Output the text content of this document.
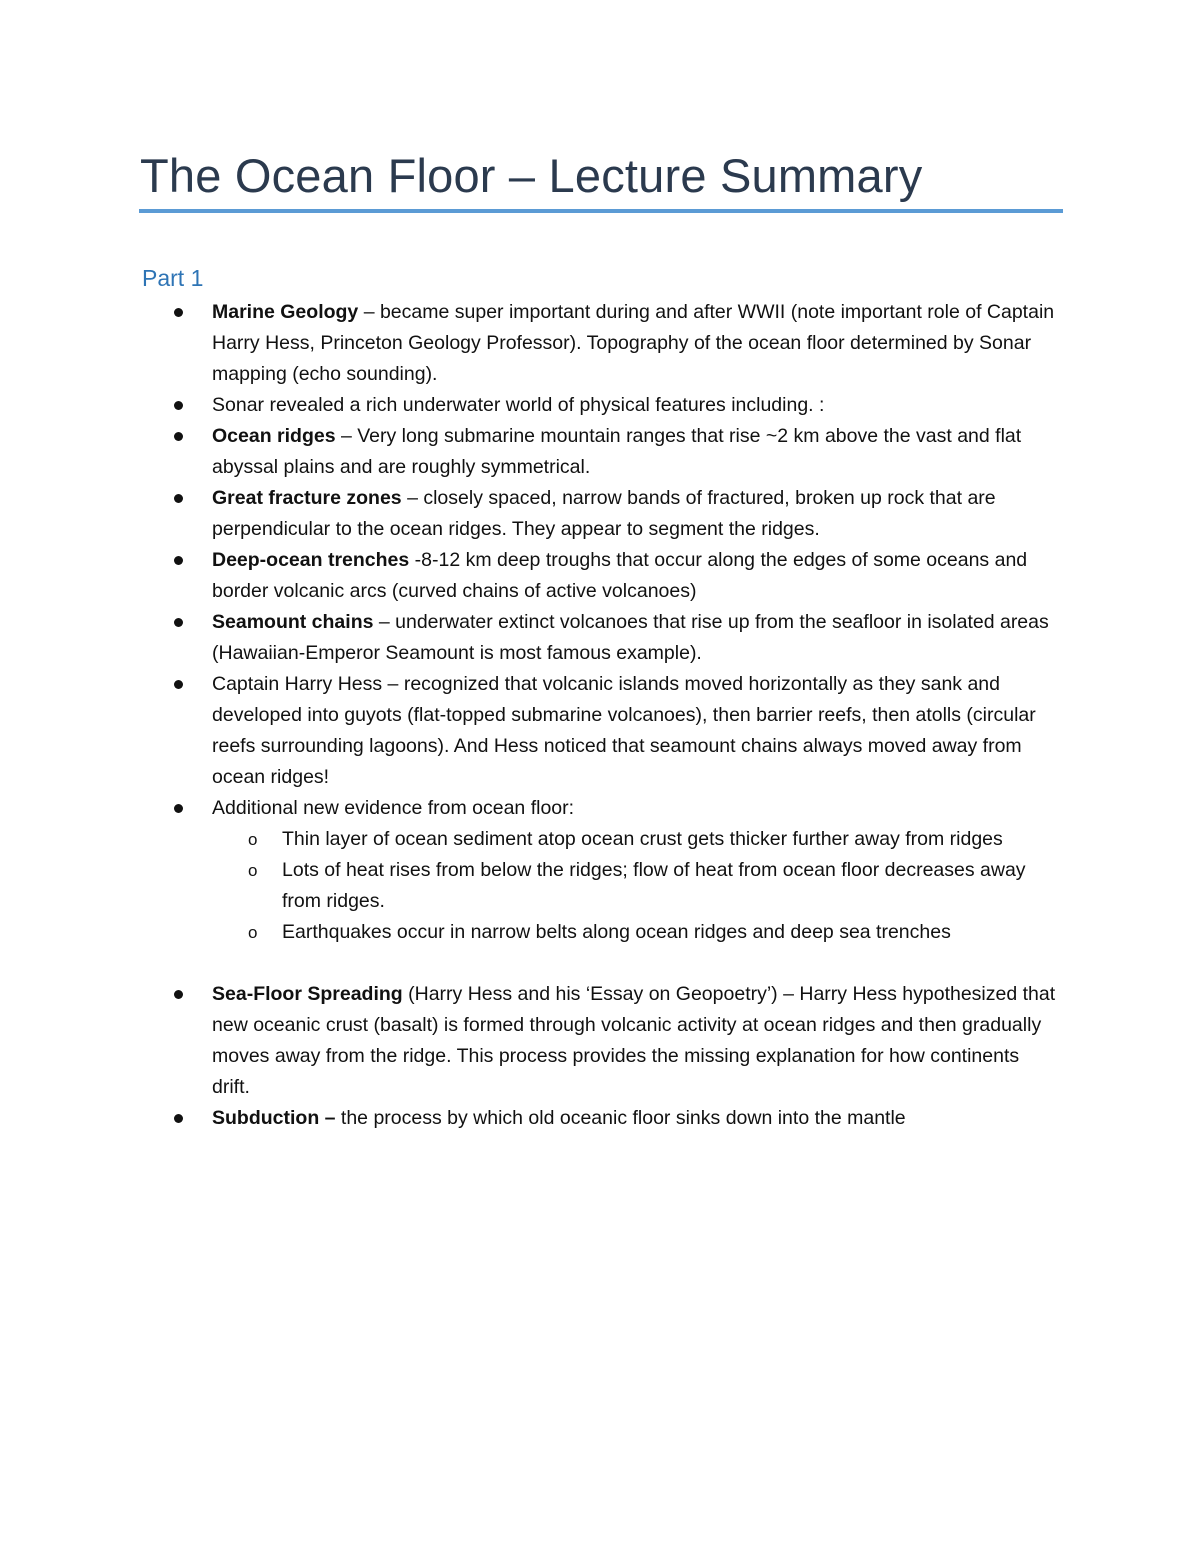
The Ocean Floor – Lecture Summary
Part 1
Marine Geology – became super important during and after WWII (note important role of Captain Harry Hess, Princeton Geology Professor). Topography of the ocean floor determined by Sonar mapping (echo sounding).
Sonar revealed a rich underwater world of physical features including. :
Ocean ridges – Very long submarine mountain ranges that rise ~2 km above the vast and flat abyssal plains and are roughly symmetrical.
Great fracture zones – closely spaced, narrow bands of fractured, broken up rock that are perpendicular to the ocean ridges. They appear to segment the ridges.
Deep-ocean trenches -8-12 km deep troughs that occur along the edges of some oceans and border volcanic arcs (curved chains of active volcanoes)
Seamount chains – underwater extinct volcanoes that rise up from the seafloor in isolated areas (Hawaiian-Emperor Seamount is most famous example).
Captain Harry Hess – recognized that volcanic islands moved horizontally as they sank and developed into guyots (flat-topped submarine volcanoes), then barrier reefs, then atolls (circular reefs surrounding lagoons). And Hess noticed that seamount chains always moved away from ocean ridges!
Additional new evidence from ocean floor:
o Thin layer of ocean sediment atop ocean crust gets thicker further away from ridges
o Lots of heat rises from below the ridges; flow of heat from ocean floor decreases away from ridges.
o Earthquakes occur in narrow belts along ocean ridges and deep sea trenches
Sea-Floor Spreading (Harry Hess and his ‘Essay on Geopoetry’) – Harry Hess hypothesized that new oceanic crust (basalt) is formed through volcanic activity at ocean ridges and then gradually moves away from the ridge. This process provides the missing explanation for how continents drift.
Subduction – the process by which old oceanic floor sinks down into the mantle
